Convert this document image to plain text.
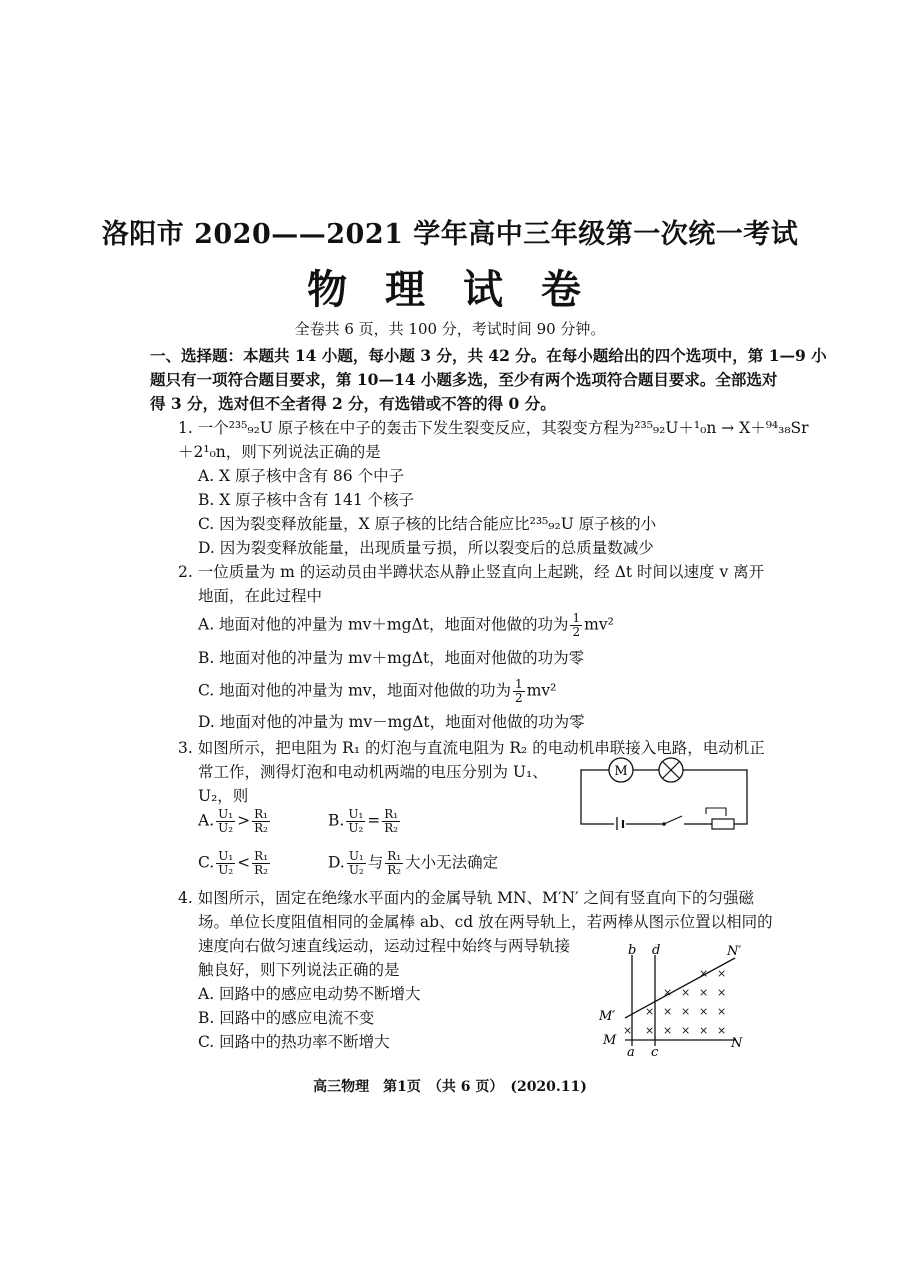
洛阳市 2020——2021 学年高中三年级第一次统一考试
物 理 试 卷
全卷共 6 页，共 100 分，考试时间 90 分钟。
一、选择题：本题共 14 小题，每小题 3 分，共 42 分。在每小题给出的四个选项中，第 1—9 小
题只有一项符合题目要求，第 10—14 小题多选，至少有两个选项符合题目要求。全部选对
得 3 分，选对但不全者得 2 分，有选错或不答的得 0 分。
1. 一个²³⁵₉₂U 原子核在中子的轰击下发生裂变反应，其裂变方程为²³⁵₉₂U＋¹₀n → X＋⁹⁴₃₈Sr
＋2¹₀n，则下列说法正确的是
A. X 原子核中含有 86 个中子
B. X 原子核中含有 141 个核子
C. 因为裂变释放能量，X 原子核的比结合能应比²³⁵₉₂U 原子核的小
D. 因为裂变释放能量，出现质量亏损，所以裂变后的总质量数减少
2. 一位质量为 m 的运动员由半蹲状态从静止竖直向上起跳，经 Δt 时间以速度 v 离开
地面，在此过程中
A. 地面对他的冲量为 mv＋mgΔt，地面对他做的功为 $\frac{1}{2} mv^2$
B. 地面对他的冲量为 mv＋mgΔt，地面对他做的功为零
C. 地面对他的冲量为 mv，地面对他做的功为 $\frac{1}{2} mv^2$
D. 地面对他的冲量为 mv－mgΔt，地面对他做的功为零
3. 如图所示，把电阻为 R₁ 的灯泡与直流电阻为 R₂ 的电动机串联接入电路，电动机正
常工作，测得灯泡和电动机两端的电压分别为 U₁、
U₂，则
A. $\frac{\text{U₁}}{\text{U₂}} > \frac{\text{R₁}}{\text{R₂}}$	B. $\frac{\text{U₁}}{\text{U₂}} = \frac{\text{R₁}}{\text{R₂}}$
C. $\frac{\text{U₁}}{\text{U₂}} < \frac{\text{R₁}}{\text{R₂}}$	D. $\frac{\text{U₁}}{\text{U₂}}$ 与 $\frac{\text{R₁}}{\text{R₂}}$ 大小无法确定
M
4. 如图所示，固定在绝缘水平面内的金属导轨 MN、M′N′ 之间有竖直向下的匀强磁
场。单位长度阻值相同的金属棒 ab、cd 放在两导轨上，若两棒从图示位置以相同的
速度向右做匀速直线运动，运动过程中始终与两导轨接
触良好，则下列说法正确的是
A. 回路中的感应电动势不断增大
B. 回路中的感应电流不变
C. 回路中的热功率不断增大
b d	N′
M′
M	N
a c
× ×
× × × ×
× × × × ×
× × × × × ×
高三物理　第1页　（共 6 页）　(2020.11)
